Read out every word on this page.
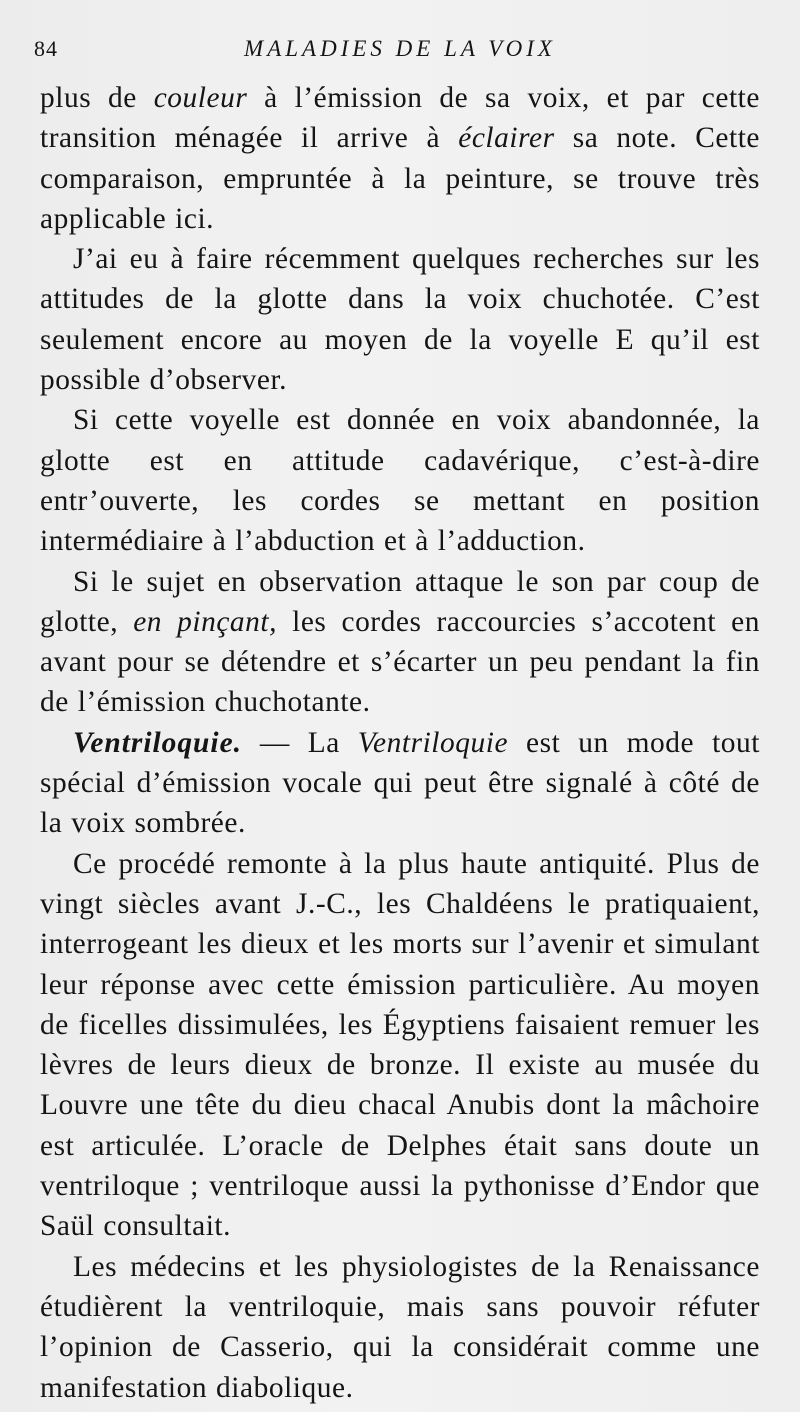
84	MALADIES DE LA VOIX

plus de couleur à l’émission de sa voix, et par cette transition ménagée il arrive à éclairer sa note. Cette comparaison, empruntée à la peinture, se trouve très applicable ici.

J’ai eu à faire récemment quelques recherches sur les attitudes de la glotte dans la voix chuchotée. C’est seulement encore au moyen de la voyelle E qu’il est possible d’observer.

Si cette voyelle est donnée en voix abandonnée, la glotte est en attitude cadavérique, c’est-à-dire entr’ouverte, les cordes se mettant en position intermédiaire à l’abduction et à l’adduction.

Si le sujet en observation attaque le son par coup de glotte, en pinçant, les cordes raccourcies s’accotent en avant pour se détendre et s’écarter un peu pendant la fin de l’émission chuchotante.

Ventriloquie. — La Ventriloquie est un mode tout spécial d’émission vocale qui peut être signalé à côté de la voix sombrée.

Ce procédé remonte à la plus haute antiquité. Plus de vingt siècles avant J.-C., les Chaldéens le pratiquaient, interrogeant les dieux et les morts sur l’avenir et simulant leur réponse avec cette émission particulière. Au moyen de ficelles dissimulées, les Égyptiens faisaient remuer les lèvres de leurs dieux de bronze. Il existe au musée du Louvre une tête du dieu chacal Anubis dont la mâchoire est articulée. L’oracle de Delphes était sans doute un ventriloque ; ventriloque aussi la pythonisse d’Endor que Saül consultait.

Les médecins et les physiologistes de la Renaissance étudièrent la ventriloquie, mais sans pouvoir réfuter l’opinion de Casserio, qui la considérait comme une manifestation diabolique.
